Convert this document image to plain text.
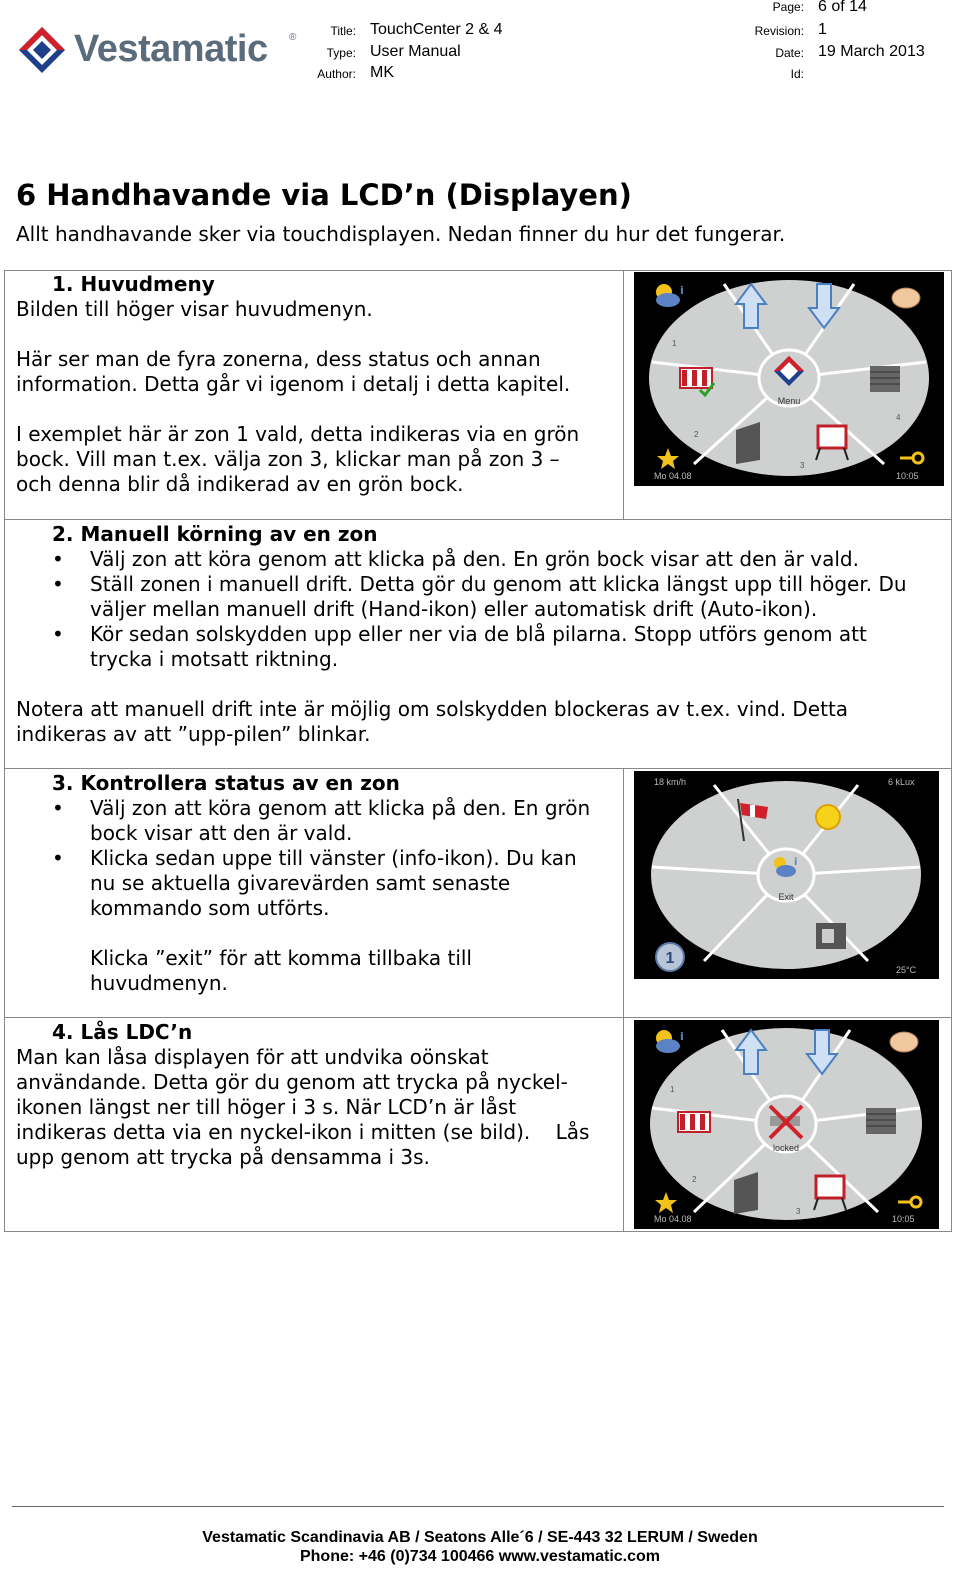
Vestamatic ®	Title: TouchCenter 2 & 4
Type: User Manual
Author: MK
Page: 6 of 14
Revision: 1
Date: 19 March 2013
Id:
6 Handhavande via LCD’n (Displayen)

Allt handhavande sker via touchdisplayen. Nedan finner du hur det fungerar.

1. Huvudmeny

Bilden till höger visar huvudmenyn.

Här ser man de fyra zonerna, dess status och annan

information. Detta går vi igenom i detalj i detta kapitel.

I exemplet här är zon 1 vald, detta indikeras via en grön

bock. Vill man t.ex. välja zon 3, klickar man på zon 3 –

och denna blir då indikerad av en grön bock.

Menu
i
1
2
3
4
Mo 04.08	10:05

2. Manuell körning av en zon

• Välj zon att köra genom att klicka på den. En grön bock visar att den är vald.

• Ställ zonen i manuell drift. Detta gör du genom att klicka längst upp till höger. Du

väljer mellan manuell drift (Hand-ikon) eller automatisk drift (Auto-ikon).

• Kör sedan solskydden upp eller ner via de blå pilarna. Stopp utförs genom att

trycka i motsatt riktning.

Notera att manuell drift inte är möjlig om solskydden blockeras av t.ex. vind. Detta

indikeras av att ”upp-pilen” blinkar.

3. Kontrollera status av en zon

• Välj zon att köra genom att klicka på den. En grön

bock visar att den är vald.

• Klicka sedan uppe till vänster (info-ikon). Du kan

nu se aktuella givarevärden samt senaste

kommando som utförts.

Klicka ”exit” för att komma tillbaka till

huvudmenyn.

18 km/h	6 kLux
i
Exit
1
25°C

4. Lås LDC’n

Man kan låsa displayen för att undvika oönskat

användande. Detta gör du genom att trycka på nyckel-

ikonen längst ner till höger i 3 s. När LCD’n är låst

indikeras detta via en nyckel-ikon i mitten (se bild).    Lås

upp genom att trycka på densamma i 3s.

i
locked
1
2
3
Mo 04.08	10:05
Vestamatic Scandinavia AB / Seatons Alle´6 / SE-443 32 LERUM / Sweden
Phone: +46 (0)734 100466 www.vestamatic.com
